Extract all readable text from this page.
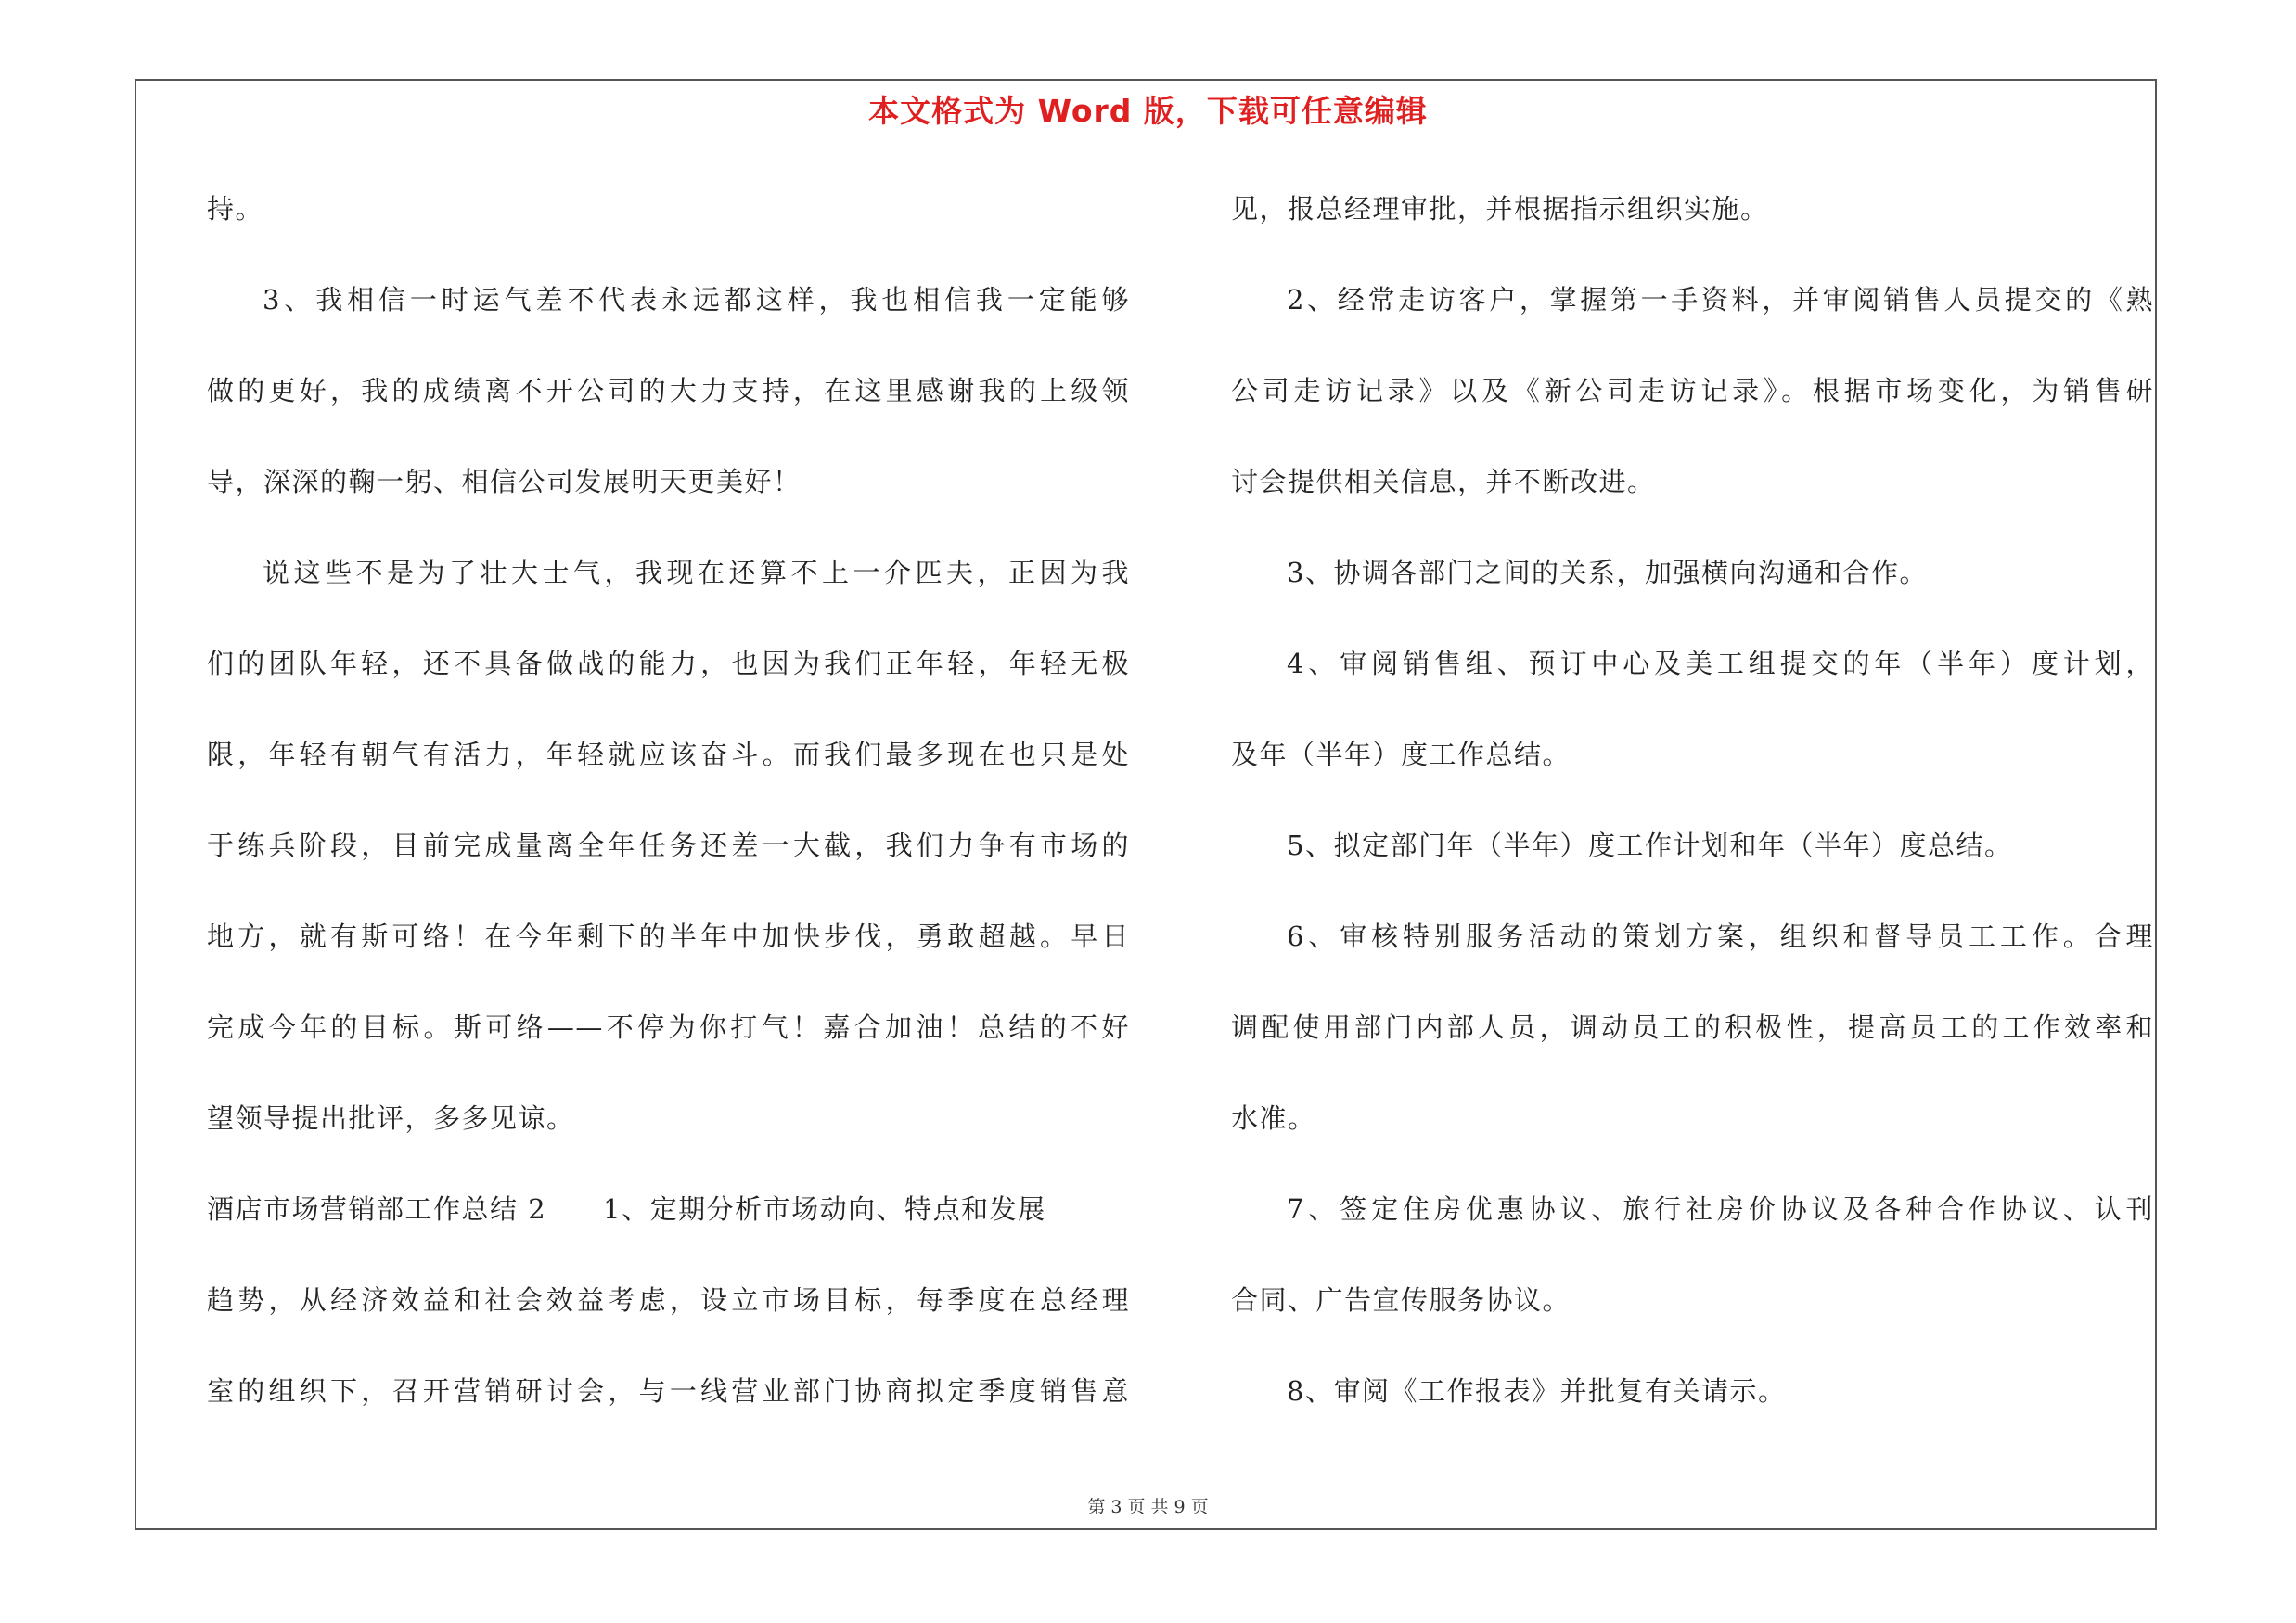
本文格式为 Word 版，下载可任意编辑
持。
3、我相信一时运气差不代表永远都这样，我也相信我一定能够
做的更好，我的成绩离不开公司的大力支持，在这里感谢我的上级领
导，深深的鞠一躬、相信公司发展明天更美好！
说这些不是为了壮大士气，我现在还算不上一介匹夫，正因为我
们的团队年轻，还不具备做战的能力，也因为我们正年轻，年轻无极
限，年轻有朝气有活力，年轻就应该奋斗。而我们最多现在也只是处
于练兵阶段，目前完成量离全年任务还差一大截，我们力争有市场的
地方，就有斯可络！在今年剩下的半年中加快步伐，勇敢超越。早日
完成今年的目标。斯可络——不停为你打气！嘉合加油！总结的不好
望领导提出批评，多多见谅。
酒店市场营销部工作总结 2　　1、定期分析市场动向、特点和发展
趋势，从经济效益和社会效益考虑，设立市场目标，每季度在总经理
室的组织下，召开营销研讨会，与一线营业部门协商拟定季度销售意
见，报总经理审批，并根据指示组织实施。
2、经常走访客户，掌握第一手资料，并审阅销售人员提交的《熟
公司走访记录》以及《新公司走访记录》。根据市场变化，为销售研
讨会提供相关信息，并不断改进。
3、协调各部门之间的关系，加强横向沟通和合作。
4、审阅销售组、预订中心及美工组提交的年（半年）度计划，
及年（半年）度工作总结。
5、拟定部门年（半年）度工作计划和年（半年）度总结。
6、审核特别服务活动的策划方案，组织和督导员工工作。合理
调配使用部门内部人员，调动员工的积极性，提高员工的工作效率和
水准。
7、签定住房优惠协议、旅行社房价协议及各种合作协议、认刊
合同、广告宣传服务协议。
8、审阅《工作报表》并批复有关请示。
第 3 页 共 9 页
